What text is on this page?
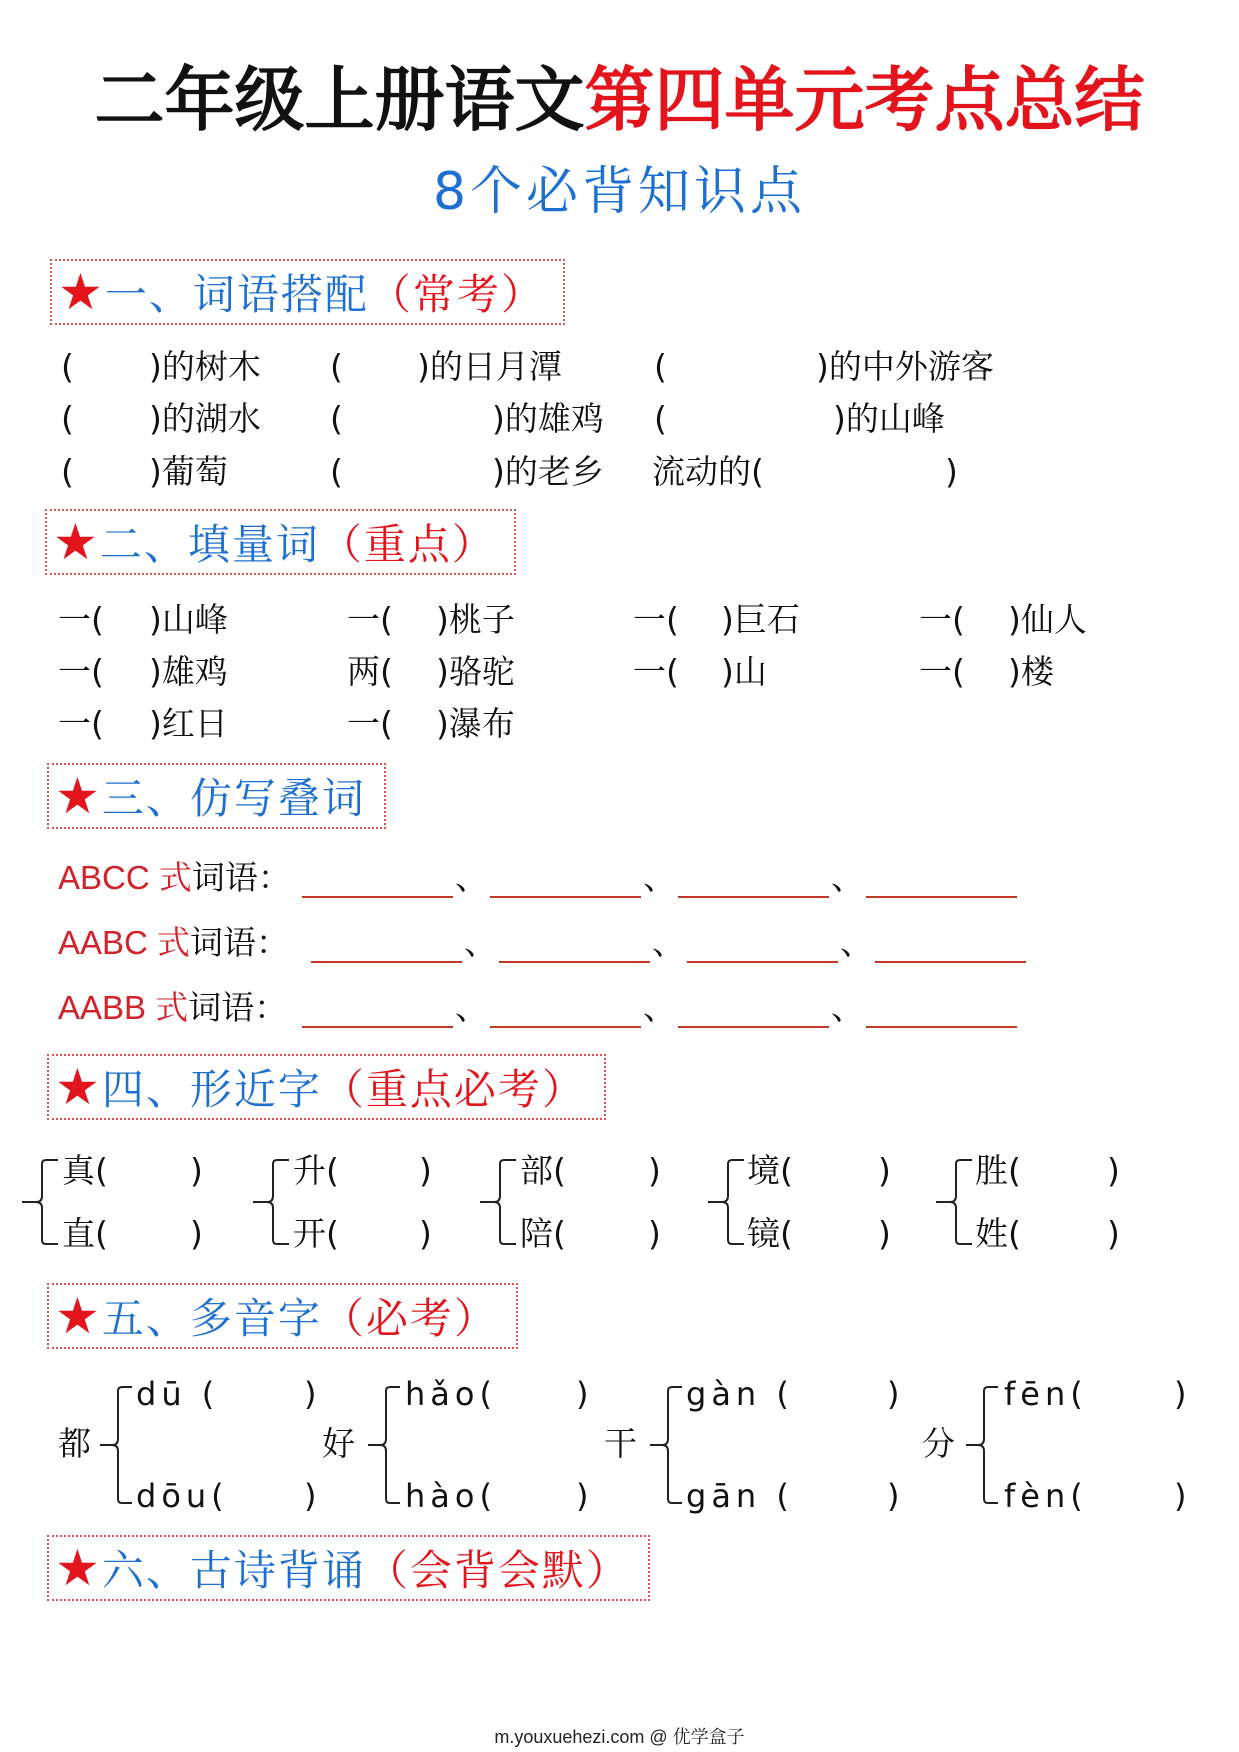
二年级上册语文第四单元考点总结
8个必背知识点
★ 一、词语搭配 （常考）
( )的树木 ( )的日月潭	(	)的中外游客
( )的湖水 (	)的雄鸡 (	)的山峰
( )葡萄	(	)的老乡 流动的(	)
★ 二、填量词 （重点）
一( )山峰	一( )桃子	一( )巨石	一( )仙人
一( )雄鸡	两( )骆驼	一( )山	一( )楼
一( )红日	一( )瀑布
★ 三、仿写叠词
ABCC 式词语：	、	、	、
AABC 式词语：	、	、	、
AABB 式词语：	、	、	、
★ 四、形近字 （重点必考）
真( )
直( )
升( )
开( )
部( )
陪( )
境(	)
镜(	)
胜(	)
姓(	)
★ 五、多音字 （必考）
都
dū (	)
dōu( )
好
hǎo( )
hào( )
干
gàn (	)
gān (	)
分
fēn(	)
fèn(	)
★ 六、古诗背诵 （会背会默）
m.youxuehezi.com @ 优学盒子
